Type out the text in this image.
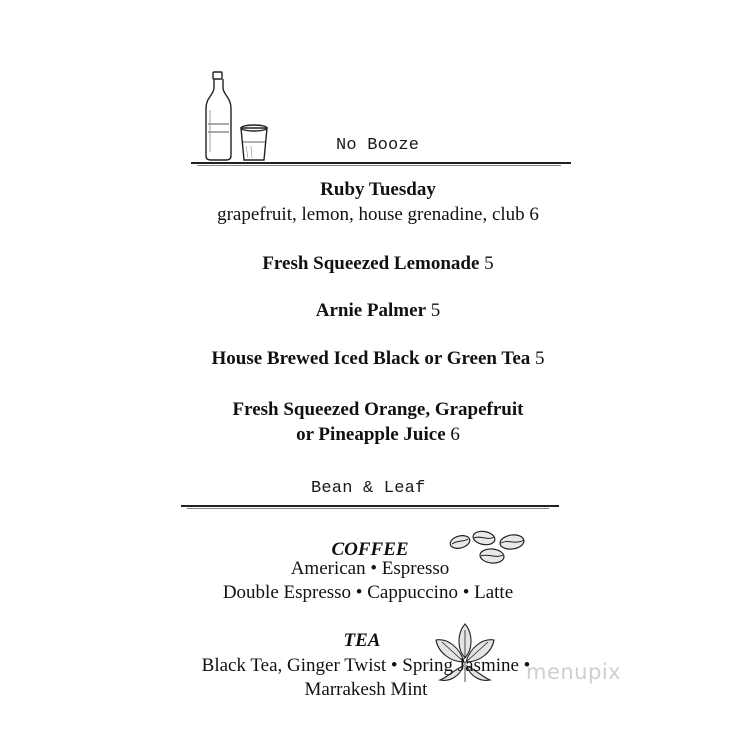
No Booze
Ruby Tuesday
grapefruit, lemon, house grenadine, club 6
Fresh Squeezed Lemonade 5
Arnie Palmer 5
House Brewed Iced Black or Green Tea 5
Fresh Squeezed Orange, Grapefruit
or Pineapple Juice 6
Bean & Leaf
COFFEE
American • Espresso
Double Espresso • Cappuccino • Latte
TEA
Black Tea, Ginger Twist • Spring Jasmine •
Marrakesh Mint
menupix
